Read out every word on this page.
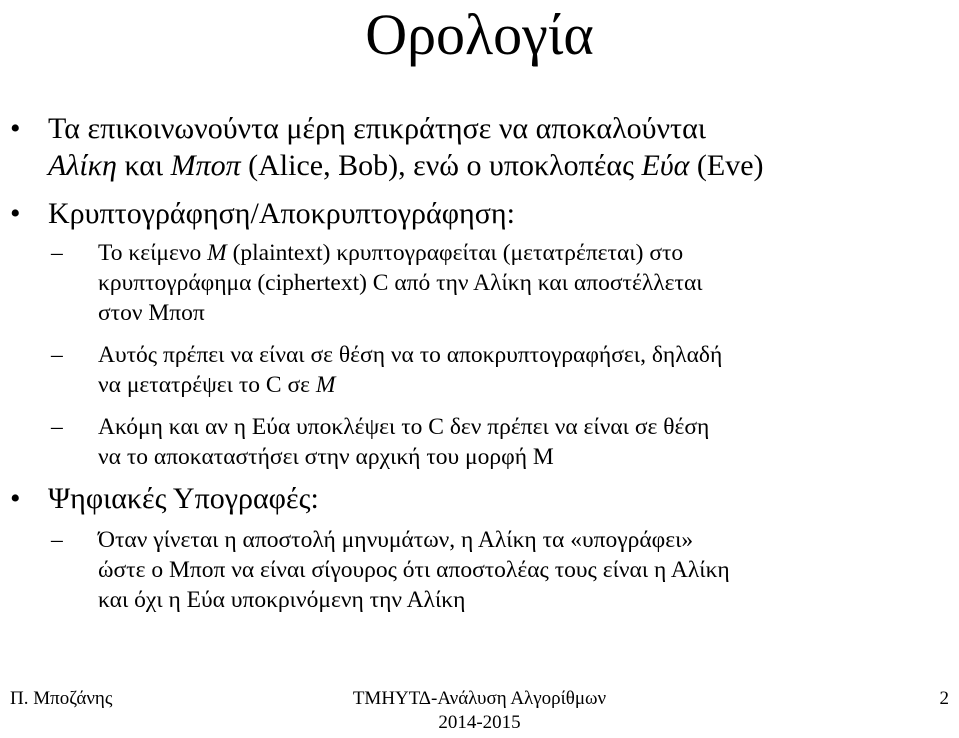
Ορολογία
• Τα επικοινωνούντα μέρη επικράτησε να αποκαλούνται
Αλίκη και Μποπ (Alice, Bob), ενώ ο υποκλοπέας Εύα (Eve)
• Κρυπτογράφηση/Αποκρυπτογράφηση:
– Το κείμενο M (plaintext) κρυπτογραφείται (μετατρέπεται) στο
κρυπτογράφημα (ciphertext) C από την Αλίκη και αποστέλλεται
στον Μποπ
– Αυτός πρέπει να είναι σε θέση να το αποκρυπτογραφήσει, δηλαδή
να μετατρέψει το C σε M
– Ακόμη και αν η Εύα υποκλέψει το C δεν πρέπει να είναι σε θέση
να το αποκαταστήσει στην αρχική του μορφή Μ
• Ψηφιακές Υπογραφές:
– Όταν γίνεται η αποστολή μηνυμάτων, η Αλίκη τα «υπογράφει»
ώστε ο Μποπ να είναι σίγουρος ότι αποστολέας τους είναι η Αλίκη
και όχι η Εύα υποκρινόμενη την Αλίκη
Π. Μποζάνης	ΤΜΗΥΤΔ-Ανάλυση Αλγορίθμων
2014-2015
2
